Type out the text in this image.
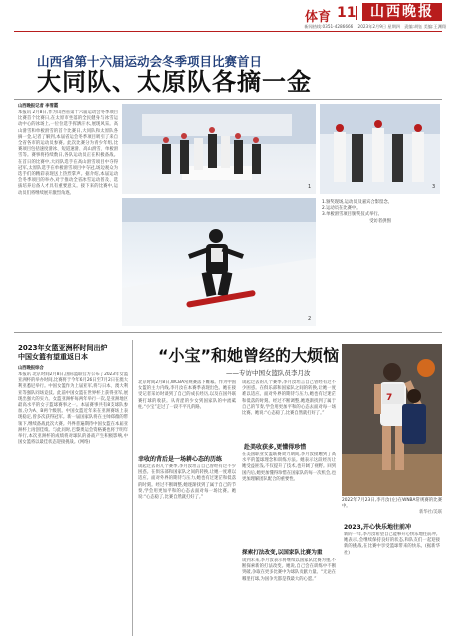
体育 11 山西晚报
新闻热线:0351-4286666　2023年2月9日 星期四　责编:胡钰 美编:王渊翔
山西省第十六届运动会冬季项目比赛首日
大同队、太原队各摘一金
山西晚报记者 李雪霞
本报讯 2月8日,作为山西省第十六届运动会冬季项目比赛首个比赛日,在太原市坐落的全民健身与冰雪运动中心的冰场上,一位位选手挥洒汗水,展现风采。高山滑雪和单板滑雪的首个比赛日,大同队和太原队各摘一金,记者了解到,本届省运会冬季项目吸引了来自全省各市的运动员参赛。此次比赛分为青少年组,比赛项目包括速度滑冰、短道速滑、高山滑雪、单板滑雪等。赛事将持续数日,各队运动员正在积极备战。在首日的比赛中,大同队选手在高山滑雪项目中夺得冠军,太原队选手在单板滑雪项目中夺冠,场边观众为选手们的精彩表现送上热烈掌声。据介绍,本届运动会冬季项目的举办,对于推动全省冰雪运动普及、选拔培养后备人才具有重要意义。接下来的比赛中,运动员们将继续展开激烈角逐。
1	3
2
1.颁奖现场,运动员及嘉宾合影留念。
2.运动员在比赛中。
3.单板滑雪项目颁奖仪式举行。
　　　　　　　　　　　受访者供图
2023年女篮亚洲杯时间出炉
中国女篮有望重返日本
山西晚报综合
本报讯 北京时间2月8日,国际篮联官方公布了2023年女篮亚洲杯的举办时间,比赛将于今年6月26日至7月2日在澳大利亚悉尼举行。中国女篮作为上届亚军,将与日本、澳大利亚等强队同场竞技。此前中国女篮在世界杯上获得亚军,展现出强大的实力。女篮亚洲杯每两年举行一次,是亚洲地区最高水平的女子篮球赛事之一。本届赛事共有8支球队参加,分为A、B两个级别。中国女篮近年来在亚洲赛场上表现稳定,曾多次获得冠军。新一届国家队将在主帅郑薇的带领下,继续备战此次大赛。外界普遍期待中国女篮在本届亚洲杯上再创佳绩。与此同时,巴黎奥运会资格赛也将于明年举行,本次亚洲杯的成绩将对球队的备战产生积极影响,中国女篮将以最佳状态迎接挑战。(网络)
“小宝”和她曾经的大烦恼
——专访中国女篮队员李月汝
北京时间2月8日,WCBA常规赛落下帷幕。作为中国女篮的主力内线,李月汝在本赛季表现出色。她在接受记者采访时谈到了自己的成长经历,以及在国外联赛打球的收获。从青涩的少女到国家队的中流砥柱,“小宝”走过了一段不平凡的路。
幸收的背后是一场耕心态的历练
谈起过去的几个赛季,李月汝坦言自己曾经有过不少困惑。在俱乐部和国家队之间的转换,让她一度难以适应。面对外界的期待与压力,她也有过迷茫和低落的时刻。经过不断调整,她逐渐找到了属于自己的节奏,学会用更加平和的心态去面对每一场比赛。她说:“心态稳了,比赛自然就打好了。”
谈起过去的几个赛季,李月汝坦言自己曾经有过不少困惑。在俱乐部和国家队之间的转换,让她一度难以适应。面对外界的期待与压力,她也有过迷茫和低落的时刻。经过不断调整,她逐渐找到了属于自己的节奏,学会用更加平和的心态去面对每一场比赛。她说:“心态稳了,比赛自然就打好了。”
赴美收获多,更懂得珍惜
在美国职业女篮联赛效力期间,李月汝接触到了高水平的篮球理念和训练方法。她表示这段经历让她受益匪浅,不仅提升了技术,也开阔了视野。回到国内后,她更加懂得珍惜在国家队的每一次机会,也更加理解团队配合的重要性。
探索打法改变,以国家队比赛为重
谈到未来,李月汝表示将继续以国家队比赛为重,不断探索新的打法改变。她说,自己会在训练中不断突破,争取在更多比赛中为球队贡献力量。“无论在哪里打球,为国争光都是我最大的心愿。”
7
2022年7月23日,李月汝(左)在WNBA常规赛的比赛中。
新华社/美联
2023,开心快乐地往前冲
新的一年,李月汝希望自己能够开心快乐地往前冲。她表示,会继续保持良好的状态,和队友们一起迎接新的挑战,在比赛中享受篮球带来的快乐。(据新华社)
